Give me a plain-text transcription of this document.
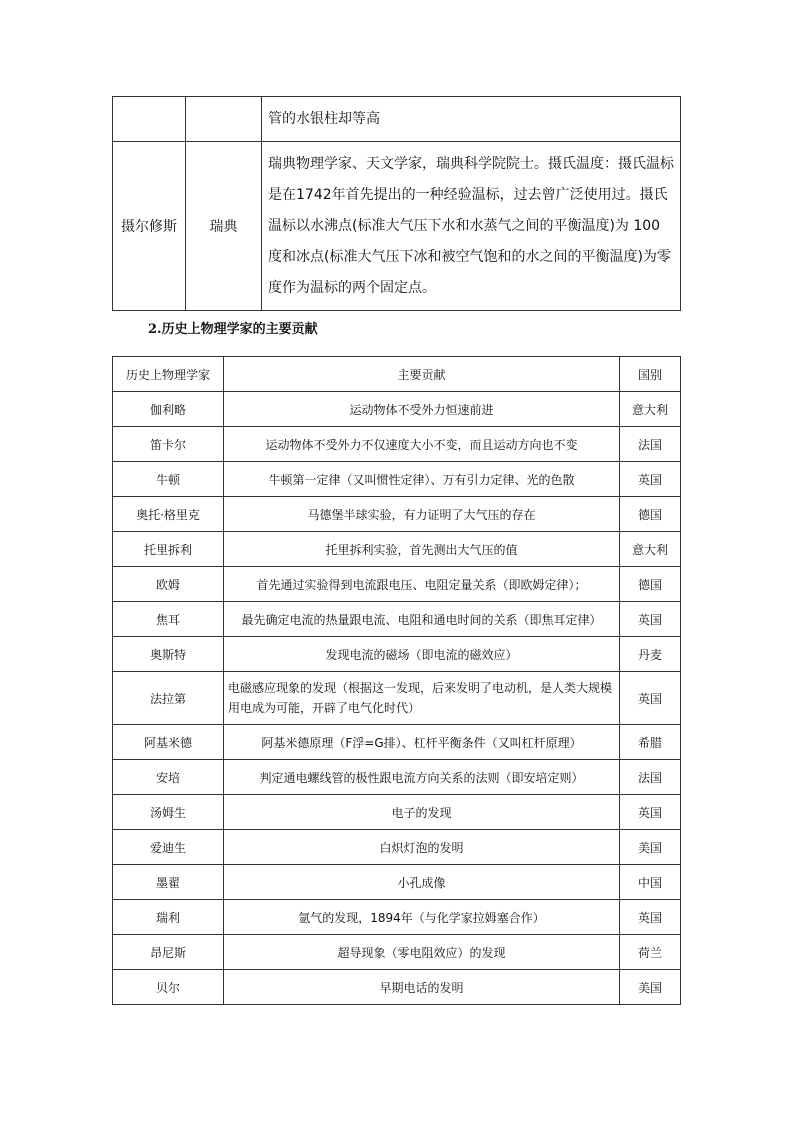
		管的水银柱却等高
摄尔修斯	瑞典	瑞典物理学家、天文学家，瑞典科学院院士。摄氏温度：摄氏温标是在1742年首先提出的一种经验温标，过去曾广泛使用过。摄氏温标以水沸点(标准大气压下水和水蒸气之间的平衡温度)为 100度和冰点(标准大气压下冰和被空气饱和的水之间的平衡温度)为零度作为温标的两个固定点。
2.历史上物理学家的主要贡献
历史上物理学家	主要贡献	国别
伽利略	运动物体不受外力恒速前进	意大利
笛卡尔	运动物体不受外力不仅速度大小不变，而且运动方向也不变	法国
牛顿	牛顿第一定律（又叫惯性定律）、万有引力定律、光的色散	英国
奥托·格里克	马德堡半球实验，有力证明了大气压的存在	德国
托里拆利	托里拆利实验，首先测出大气压的值	意大利
欧姆	首先通过实验得到电流跟电压、电阻定量关系（即欧姆定律）；	德国
焦耳	最先确定电流的热量跟电流、电阻和通电时间的关系（即焦耳定律）	英国
奥斯特	发现电流的磁场（即电流的磁效应）	丹麦
法拉第	电磁感应现象的发现（根据这一发现，后来发明了电动机，是人类大规模用电成为可能，开辟了电气化时代）	英国
阿基米德	阿基米德原理（F浮=G排）、杠杆平衡条件（又叫杠杆原理）	希腊
安培	判定通电螺线管的极性跟电流方向关系的法则（即安培定则）	法国
汤姆生	电子的发现	英国
爱迪生	白炽灯泡的发明	美国
墨翟	小孔成像	中国
瑞利	氩气的发现，1894年（与化学家拉姆塞合作）	英国
昂尼斯	超导现象（零电阻效应）的发现	荷兰
贝尔	早期电话的发明	美国
